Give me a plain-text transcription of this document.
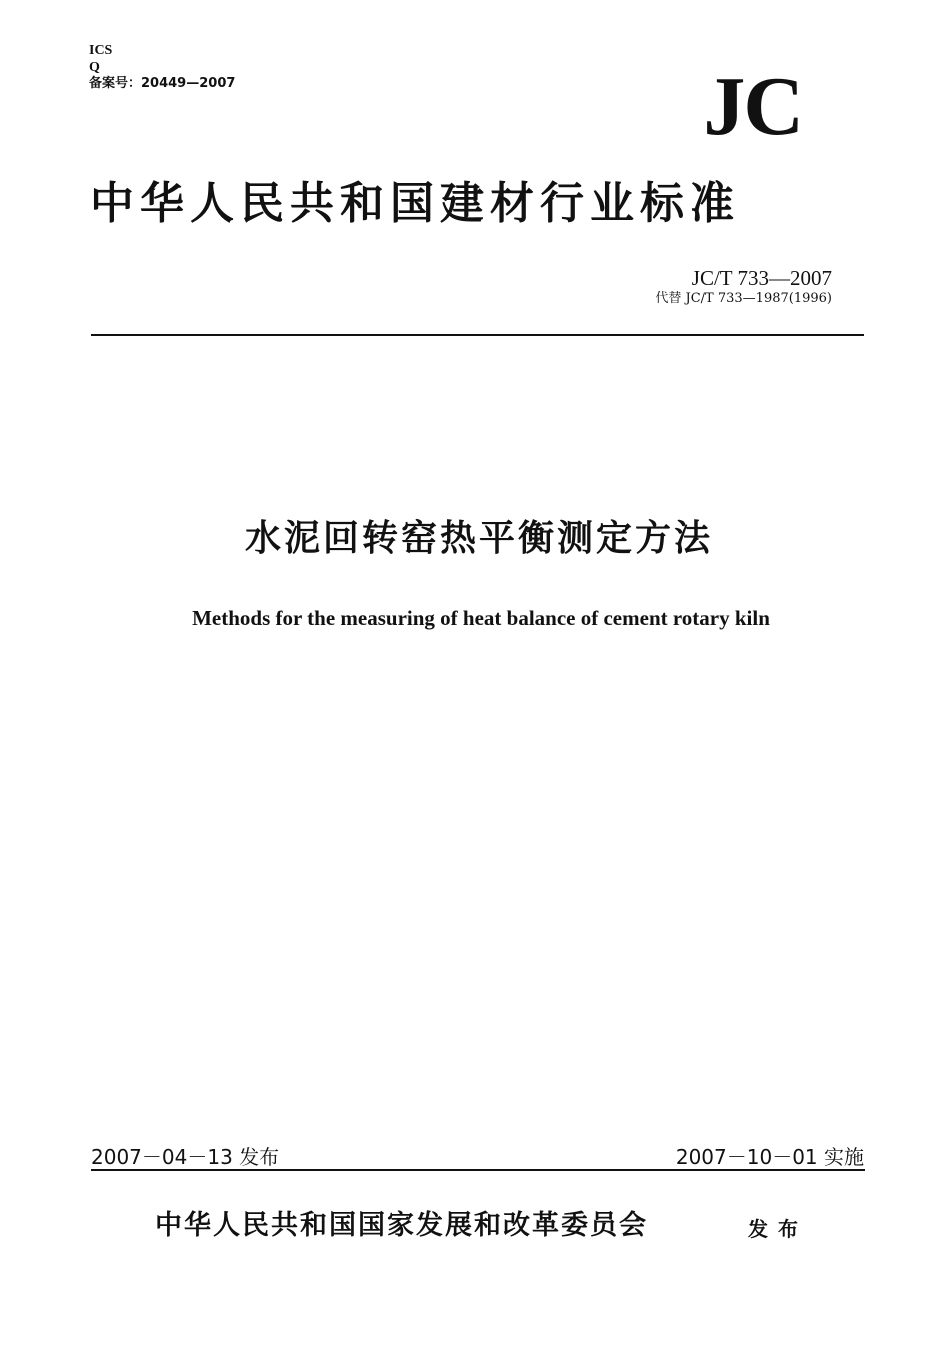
ICS
Q
备案号：20449—2007	JC
中华人民共和国建材行业标准
JC/T 733—2007
代替 JC/T 733—1987(1996)
水泥回转窑热平衡测定方法
Methods for the measuring of heat balance of cement rotary kiln
2007－04－13 发布	2007－10－01 实施
中华人民共和国国家发展和改革委员会	发布
